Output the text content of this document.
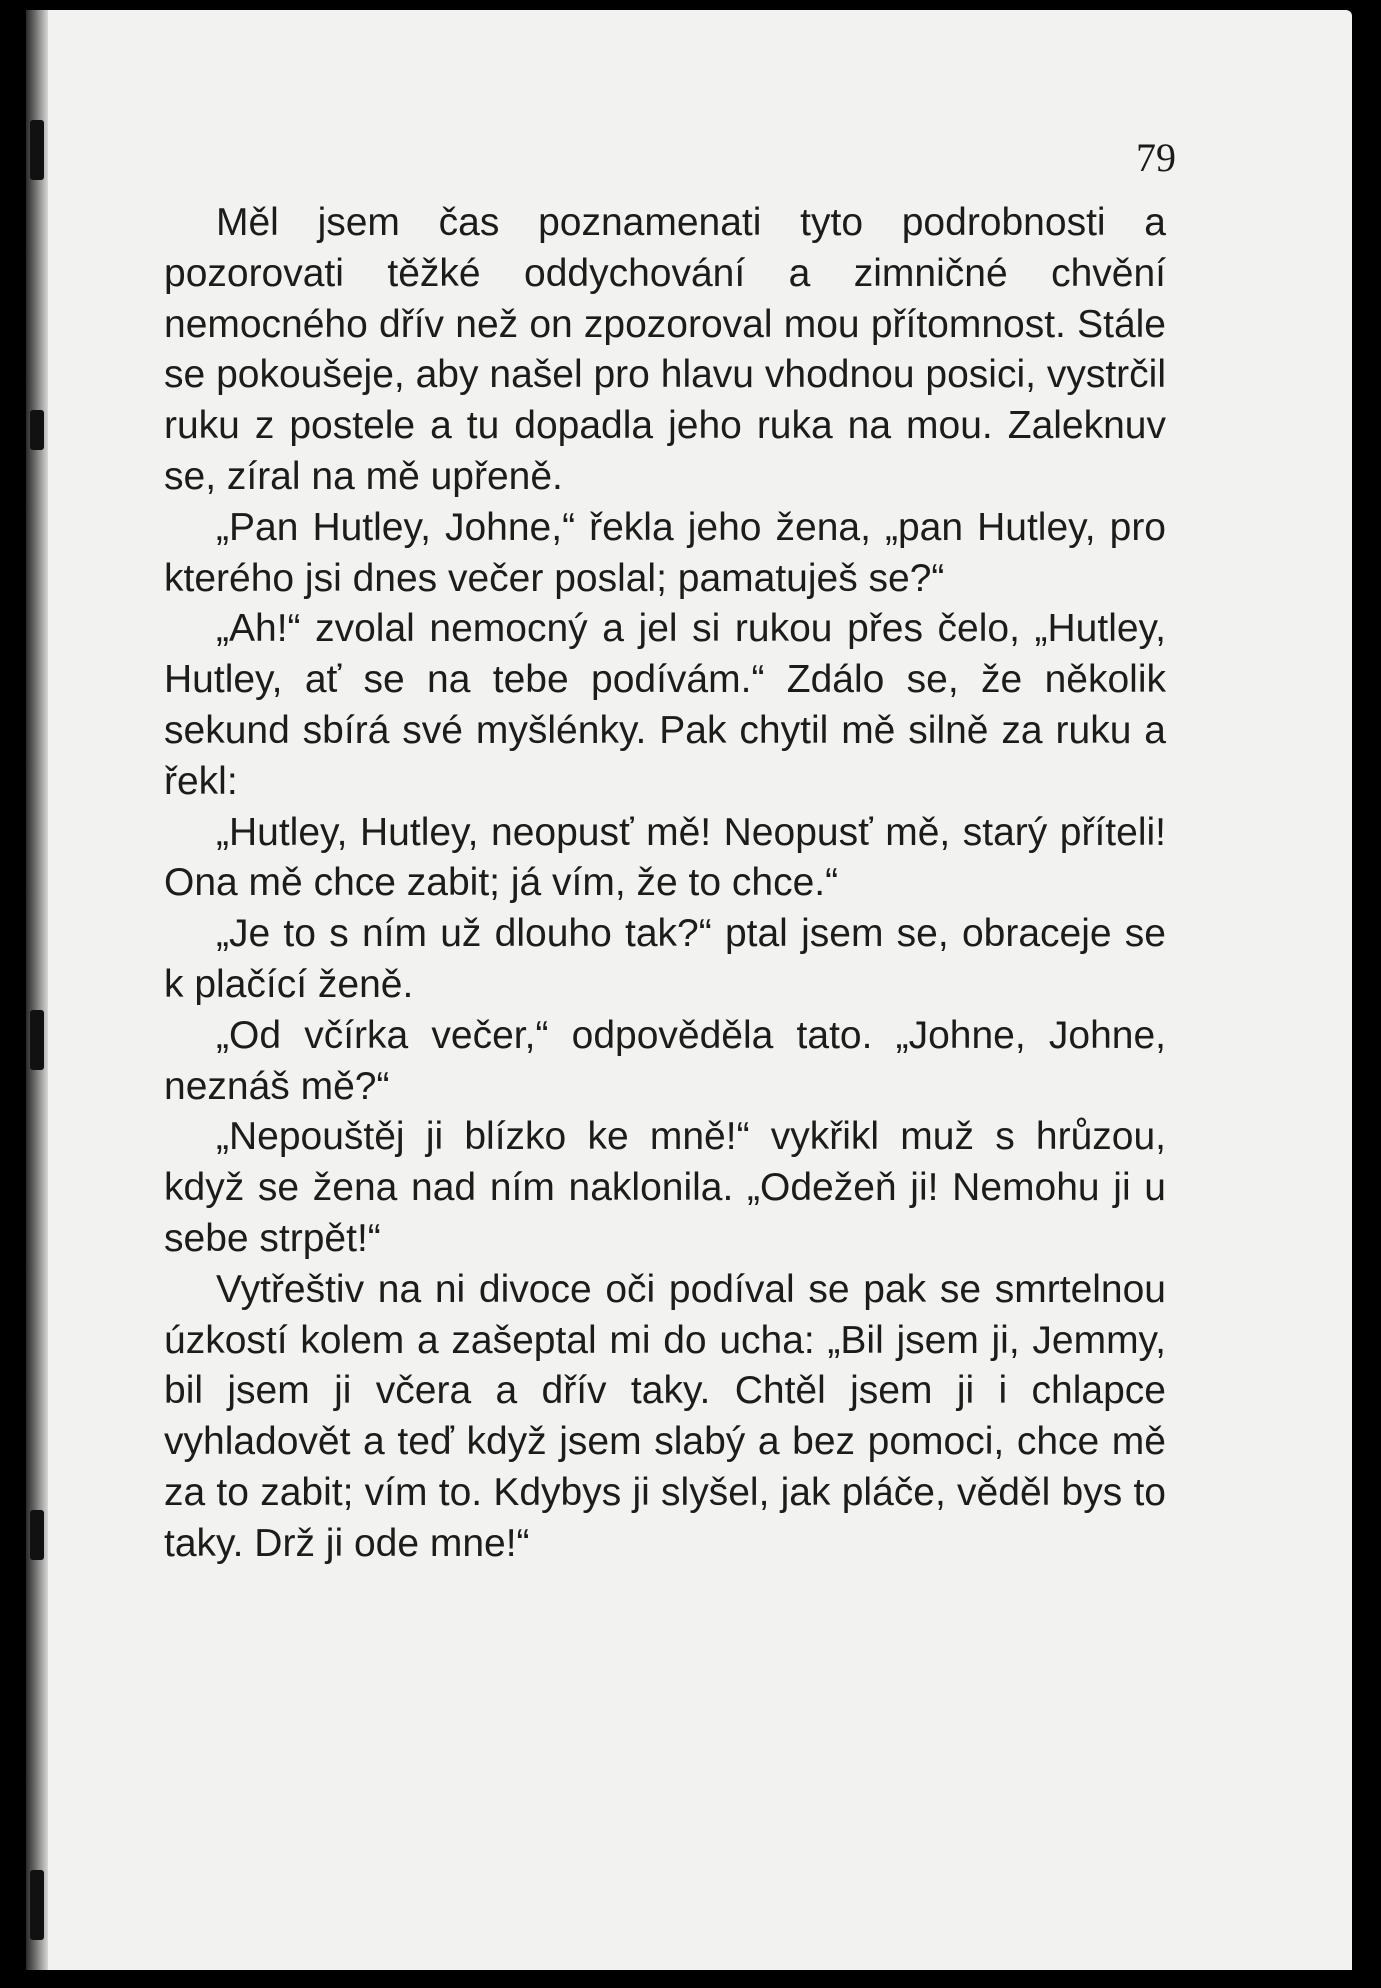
79

Měl jsem čas poznamenati tyto podrobnosti a pozorovati těžké oddychování a zimničné chvění nemocného dřív než on zpozoroval mou přítomnost. Stále se pokoušeje, aby našel pro hlavu vhodnou posici, vystrčil ruku z postele a tu dopadla jeho ruka na mou. Zaleknuv se, zíral na mě upřeně.

„Pan Hutley, Johne,“ řekla jeho žena, „pan Hutley, pro kterého jsi dnes večer poslal; pamatuješ se?“

„Ah!“ zvolal nemocný a jel si rukou přes čelo, „Hutley, Hutley, ať se na tebe podívám.“ Zdálo se, že několik sekund sbírá své myšlénky. Pak chytil mě silně za ruku a řekl:

„Hutley, Hutley, neopusť mě! Neopusť mě, starý příteli! Ona mě chce zabit; já vím, že to chce.“

„Je to s ním už dlouho tak?“ ptal jsem se, obraceje se k plačící ženě.

„Od včírka večer,“ odpověděla tato. „Johne, Johne, neznáš mě?“

„Nepouštěj ji blízko ke mně!“ vykřikl muž s hrůzou, když se žena nad ním naklonila. „Odežeň ji! Nemohu ji u sebe strpět!“

Vytřeštiv na ni divoce oči podíval se pak se smrtelnou úzkostí kolem a zašeptal mi do ucha: „Bil jsem ji, Jemmy, bil jsem ji včera a dřív taky. Chtěl jsem ji i chlapce vyhladovět a teď když jsem slabý a bez pomoci, chce mě za to zabit; vím to. Kdybys ji slyšel, jak pláče, věděl bys to taky. Drž ji ode mne!“
